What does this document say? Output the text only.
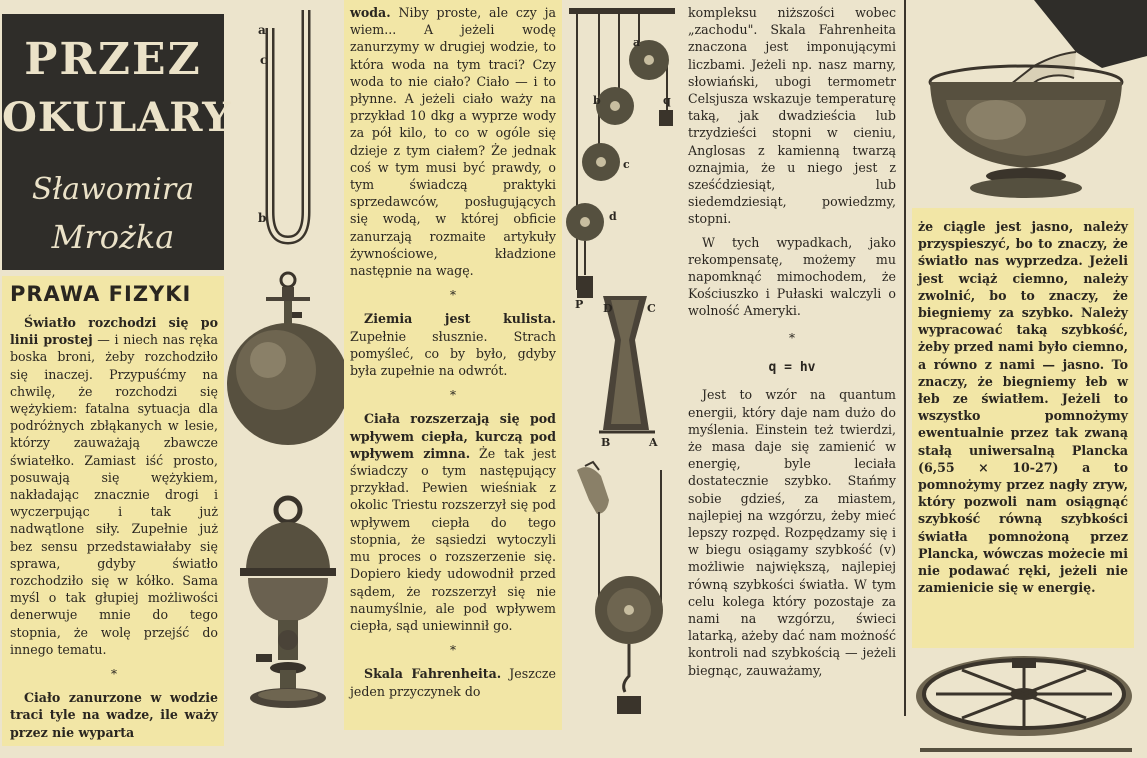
PRZEZ
OKULARY
Sławomira
Mrożka
PRAWA FIZYKI

Światło rozchodzi się po linii prostej — i niech nas ręka boska broni, żeby rozchodziło się inaczej. Przypuśćmy na chwilę, że rozchodzi się wężykiem: fatalna sytuacja dla podróżnych zbłąkanych w lesie, którzy zauważają zbawcze światełko. Zamiast iść prosto, posuwają się wężykiem, nakładając znacznie drogi i wyczerpując i tak już nadwątlone siły. Zupełnie już bez sensu przedstawiałaby się sprawa, gdyby światło rozchodziło się w kółko. Sama myśl o tak głupiej możliwości denerwuje mnie do tego stopnia, że wolę przejść do innego tematu.

*

Ciało zanurzone w wodzie traci tyle na wadze, ile waży przez nie wyparta

a
c
b

woda. Niby proste, ale czy ja wiem... A jeżeli wodę zanurzymy w drugiej wodzie, to która woda na tym traci? Czy woda to nie ciało? Ciało — i to płynne. A jeżeli ciało waży na przykład 10 dkg a wyprze wody za pół kilo, to co w ogóle się dzieje z tym ciałem? Że jednak coś w tym musi być prawdy, o tym świadczą praktyki sprzedawców, posługujących się wodą, w której obficie zanurzają rozmaite artykuły żywnościowe, kładzione następnie na wagę.

*

Ziemia jest kulista. Zupełnie słusznie. Strach pomyśleć, co by było, gdyby była zupełnie na odwrót.

*

Ciała rozszerzają się pod wpływem ciepła, kurczą pod wpływem zimna. Że tak jest świadczy o tym następujący przykład. Pewien wieśniak z okolic Triestu rozszerzył się pod wpływem ciepła do tego stopnia, że sąsiedzi wytoczyli mu proces o rozszerzenie się. Dopiero kiedy udowodnił przed sądem, że rozszerzył się nie naumyślnie, ale pod wpływem ciepła, sąd uniewinnił go.

*

Skala Fahrenheita. Jeszcze jeden przyczynek do

a
b
c
d
P
q
B	A
D	C

kompleksu niższości wobec „zachodu". Skala Fahrenheita znaczona jest imponującymi liczbami. Jeżeli np. nasz marny, słowiański, ubogi termometr Celsjusza wskazuje temperaturę taką, jak dwadzieścia lub trzydzieści stopni w cieniu, Anglosas z kamienną twarzą oznajmia, że u niego jest z sześćdziesiąt, lub siedemdziesiąt, powiedzmy, stopni.

W tych wypadkach, jako rekompensatę, możemy mu napomknąć mimochodem, że Kościuszko i Pułaski walczyli o wolność Ameryki.

*
q = hv

Jest to wzór na quantum energii, który daje nam dużo do myślenia. Einstein też twierdzi, że masa daje się zamienić w energię, byle leciała dostatecznie szybko. Stańmy sobie gdzieś, za miastem, najlepiej na wzgórzu, żeby mieć lepszy rozpęd. Rozpędzamy się i w biegu osiągamy szybkość (v) możliwie największą, najlepiej równą szybkości światła. W tym celu kolega który pozostaje za nami na wzgórzu, świeci latarką, ażeby dać nam możność kontroli nad szybkością — jeżeli biegnąc, zauważamy,

że ciągle jest jasno, należy przyspieszyć, bo to znaczy, że światło nas wyprzedza. Jeżeli jest wciąż ciemno, należy zwolnić, bo to znaczy, że biegniemy za szybko. Należy wypracować taką szybkość, żeby przed nami było ciemno, a równo z nami — jasno. To znaczy, że biegniemy łeb w łeb ze światłem. Jeżeli to wszystko pomnożymy ewentualnie przez tak zwaną stałą uniwersalną Plancka (6,55 × 10-27) a to pomnożymy przez nagły zryw, który pozwoli nam osiągnąć szybkość równą szybkości światła pomnożoną przez Plancka, wówczas możecie mi nie podawać ręki, jeżeli nie zamienicie się w energię.
